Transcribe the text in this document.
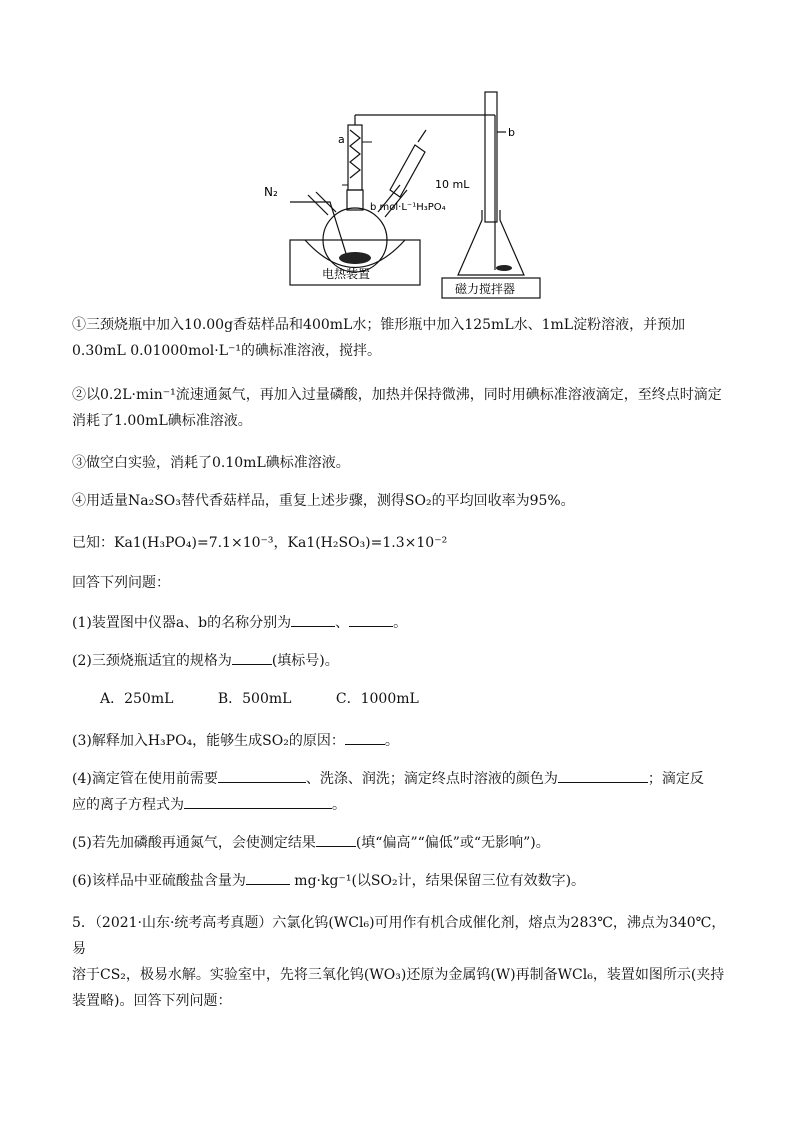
a
b
N₂
10 mL
b mol·L⁻¹H₃PO₄
电热装置
磁力搅拌器
①三颈烧瓶中加入10.00g香菇样品和400mL水；锥形瓶中加入125mL水、1mL淀粉溶液，并预加
0.30mL 0.01000mol·L⁻¹的碘标准溶液，搅拌。
②以0.2L·min⁻¹流速通氮气，再加入过量磷酸，加热并保持微沸，同时用碘标准溶液滴定，至终点时滴定
消耗了1.00mL碘标准溶液。
③做空白实验，消耗了0.10mL碘标准溶液。
④用适量Na₂SO₃替代香菇样品，重复上述步骤，测得SO₂的平均回收率为95%。
已知：Ka1(H₃PO₄)=7.1×10⁻³，Ka1(H₂SO₃)=1.3×10⁻²
回答下列问题：
(1)装置图中仪器a、b的名称分别为	、	。
(2)三颈烧瓶适宜的规格为	(填标号)。
A．250mL	B．500mL	C．1000mL
(3)解释加入H₃PO₄，能够生成SO₂的原因：	。
(4)滴定管在使用前需要	、洗涤、润洗；滴定终点时溶液的颜色为	；滴定反
应的离子方程式为	。
(5)若先加磷酸再通氮气，会使测定结果	(填“偏高”“偏低”或“无影响”)。
(6)该样品中亚硫酸盐含量为	mg·kg⁻¹(以SO₂计，结果保留三位有效数字)。
5．（2021·山东·统考高考真题）六氯化钨(WCl₆)可用作有机合成催化剂，熔点为283℃，沸点为340℃，易
溶于CS₂，极易水解。实验室中，先将三氧化钨(WO₃)还原为金属钨(W)再制备WCl₆，装置如图所示(夹持
装置略)。回答下列问题：
